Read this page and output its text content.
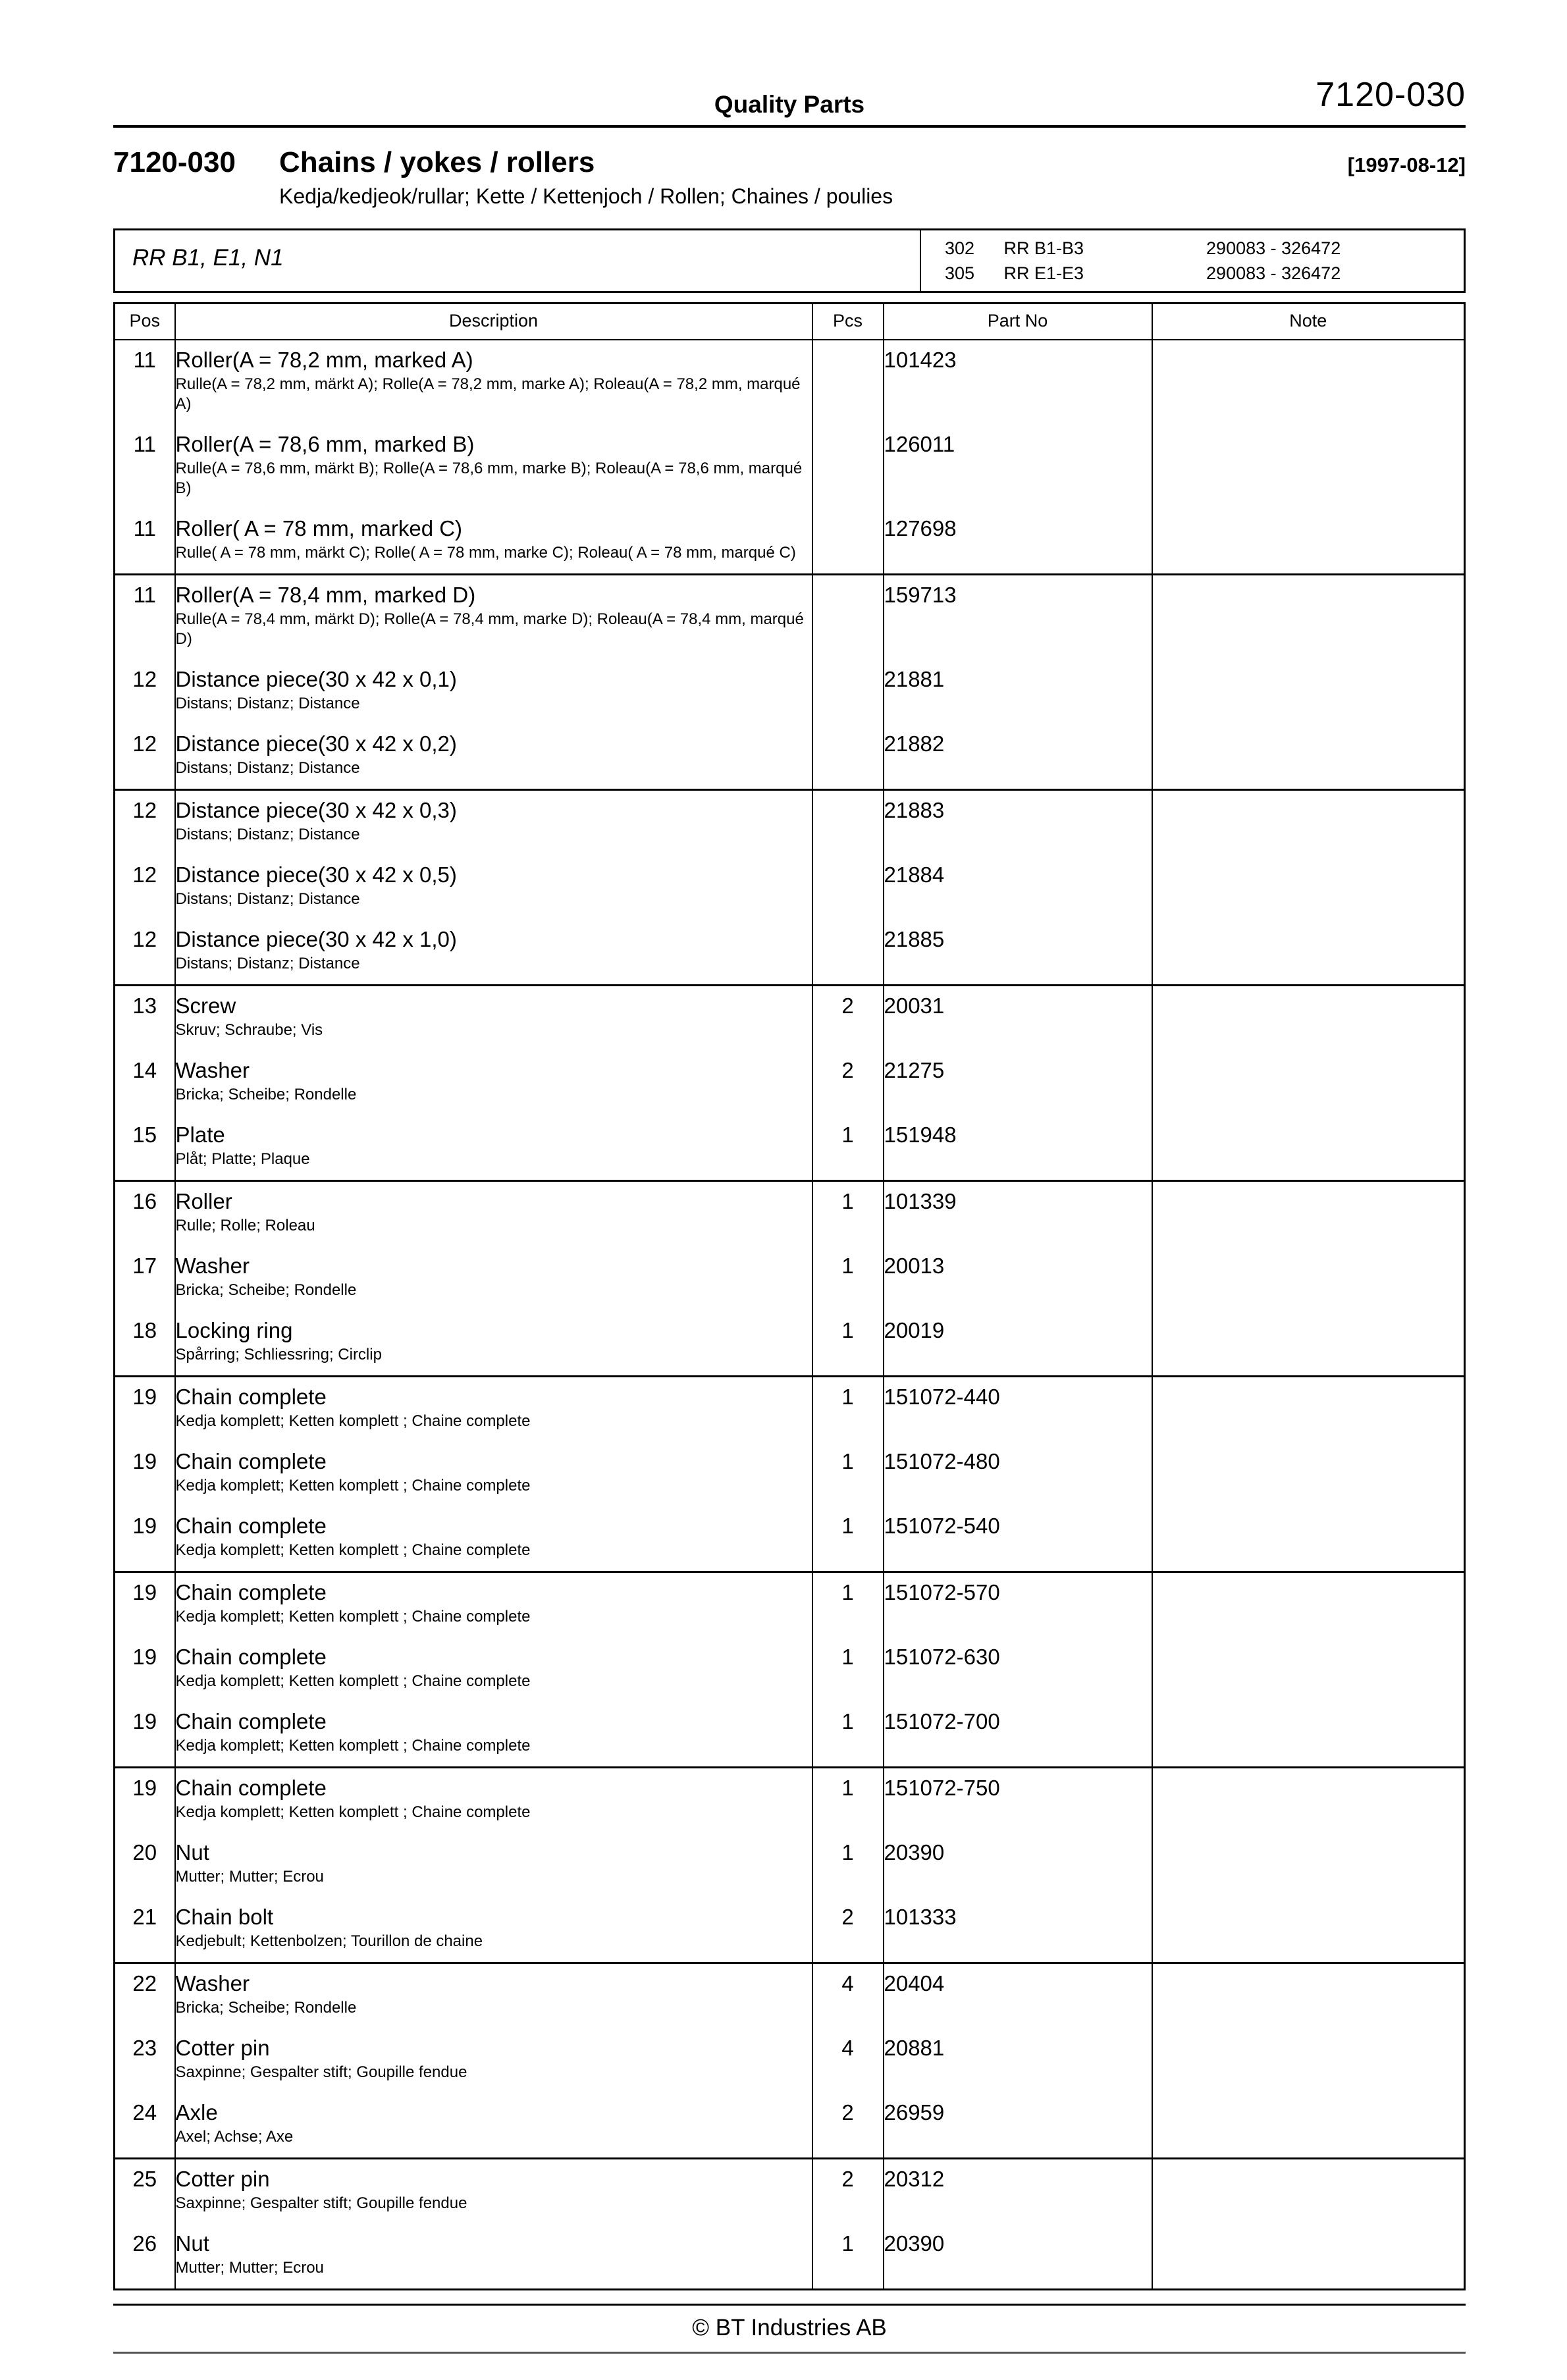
Quality Parts	7120-030
7120-030	Chains / yokes / rollers	[1997-08-12]
Kedja/kedjeok/rullar; Kette / Kettenjoch / Rollen; Chaines / poulies
RR B1, E1, N1	302 RR B1-B3	290083 - 326472
305 RR E1-E3	290083 - 326472
Pos	Description	Pcs	Part No	Note
11	Roller(A = 78,2 mm, marked A)
Rulle(A = 78,2 mm, märkt A); Rolle(A = 78,2 mm, marke A); Roleau(A = 78,2 mm, marqué A)		101423	
11	Roller(A = 78,6 mm, marked B)
Rulle(A = 78,6 mm, märkt B); Rolle(A = 78,6 mm, marke B); Roleau(A = 78,6 mm, marqué B)		126011	
11	Roller( A = 78 mm, marked C)
Rulle( A = 78 mm, märkt C); Rolle( A = 78 mm, marke C); Roleau( A = 78 mm, marqué C)		127698	
11	Roller(A = 78,4 mm, marked D)
Rulle(A = 78,4 mm, märkt D); Rolle(A = 78,4 mm, marke D); Roleau(A = 78,4 mm, marqué D)		159713	
12	Distance piece(30 x 42 x 0,1)
Distans; Distanz; Distance		21881	
12	Distance piece(30 x 42 x 0,2)
Distans; Distanz; Distance		21882	
12	Distance piece(30 x 42 x 0,3)
Distans; Distanz; Distance		21883	
12	Distance piece(30 x 42 x 0,5)
Distans; Distanz; Distance		21884	
12	Distance piece(30 x 42 x 1,0)
Distans; Distanz; Distance		21885	
13	Screw
Skruv; Schraube; Vis	2	20031	
14	Washer
Bricka; Scheibe; Rondelle	2	21275	
15	Plate
Plåt; Platte; Plaque	1	151948	
16	Roller
Rulle; Rolle; Roleau	1	101339	
17	Washer
Bricka; Scheibe; Rondelle	1	20013	
18	Locking ring
Spårring; Schliessring; Circlip	1	20019	
19	Chain complete
Kedja komplett; Ketten komplett ; Chaine complete	1	151072-440	
19	Chain complete
Kedja komplett; Ketten komplett ; Chaine complete	1	151072-480	
19	Chain complete
Kedja komplett; Ketten komplett ; Chaine complete	1	151072-540	
19	Chain complete
Kedja komplett; Ketten komplett ; Chaine complete	1	151072-570	
19	Chain complete
Kedja komplett; Ketten komplett ; Chaine complete	1	151072-630	
19	Chain complete
Kedja komplett; Ketten komplett ; Chaine complete	1	151072-700	
19	Chain complete
Kedja komplett; Ketten komplett ; Chaine complete	1	151072-750	
20	Nut
Mutter; Mutter; Ecrou	1	20390	
21	Chain bolt
Kedjebult; Kettenbolzen; Tourillon de chaine	2	101333	
22	Washer
Bricka; Scheibe; Rondelle	4	20404	
23	Cotter pin
Saxpinne; Gespalter stift; Goupille fendue	4	20881	
24	Axle
Axel; Achse; Axe	2	26959	
25	Cotter pin
Saxpinne; Gespalter stift; Goupille fendue	2	20312	
26	Nut
Mutter; Mutter; Ecrou	1	20390	
© BT Industries AB
